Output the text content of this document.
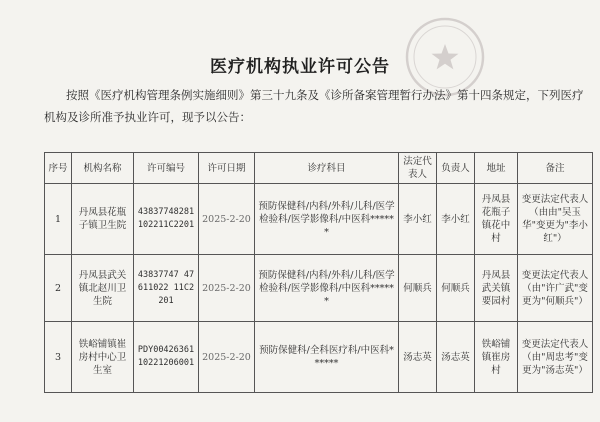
医疗机构执业许可公告
按照《医疗机构管理条例实施细则》第三十九条及《诊所备案管理暂行办法》第十四条规定，下列医疗机构及诊所准予执业许可，现予以公告：
序号	机构名称	许可编号	许可日期	诊疗科目	法定代表人	负责人	地址	备注
1	丹凤县花瓶子镇卫生院	43837748281 102211C2201	2025-2-20	预防保健科/内科/外科/儿科/医学检验科/医学影像科/中医科******	李小红	李小红	丹凤县花瓶子镇花中村	变更法定代表人（由由"吴玉华"变更为"李小红"）
2	丹凤县武关镇北赵川卫生院	43837747 47611022 11C2201	2025-2-20	预防保健科/内科/外科/儿科/医学检验科/医学影像科/中医科******	何顺兵	何顺兵	丹凤县武关镇要园村	变更法定代表人（由"许广武"变更为"何顺兵"）
3	铁峪铺镇崔房村中心卫生室	PDY00426361 10221206001	2025-2-20	预防保健科/全科医疗科/中医科******	汤志英	汤志英	铁峪铺镇崔房村	变更法定代表人（由"周忠考"变更为"汤志英"）
